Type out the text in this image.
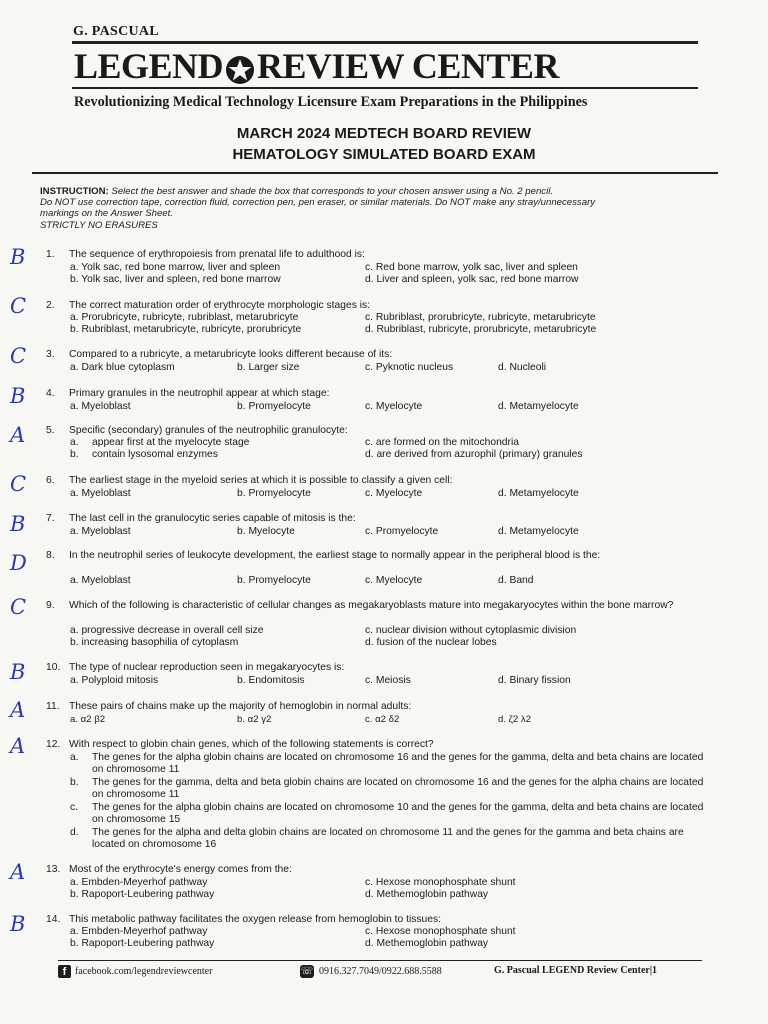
G. PASCUAL
LEGEND REVIEW CENTER
Revolutionizing Medical Technology Licensure Exam Preparations in the Philippines
MARCH 2024 MEDTECH BOARD REVIEW
HEMATOLOGY SIMULATED BOARD EXAM
INSTRUCTION: Select the best answer and shade the box that corresponds to your chosen answer using a No. 2 pencil.
Do NOT use correction tape, correction fluid, correction pen, pen eraser, or similar materials. Do NOT make any stray/unnecessary
markings on the Answer Sheet.
STRICTLY NO ERASURES
B	1. The sequence of erythropoiesis from prenatal life to adulthood is:
a. Yolk sac, red bone marrow, liver and spleen
b. Yolk sac, liver and spleen, red bone marrow
c. Red bone marrow, yolk sac, liver and spleen
d. Liver and spleen, yolk sac, red bone marrow
C	2. The correct maturation order of erythrocyte morphologic stages is:
a. Prorubricyte, rubricyte, rubriblast, metarubricyte
b. Rubriblast, metarubricyte, rubricyte, prorubricyte
c. Rubriblast, prorubricyte, rubricyte, metarubricyte
d. Rubriblast, rubricyte, prorubricyte, metarubricyte
C	3. Compared to a rubricyte, a metarubricyte looks different because of its:
a. Dark blue cytoplasm	b. Larger size	c. Pyknotic nucleus	d. Nucleoli
B	4. Primary granules in the neutrophil appear at which stage:
a. Myeloblast	b. Promyelocyte	c. Myelocyte	d. Metamyelocyte
A	5. Specific (secondary) granules of the neutrophilic granulocyte:
a. appear first at the myelocyte stage
b. contain lysosomal enzymes
c. are formed on the mitochondria
d. are derived from azurophil (primary) granules
C	6. The earliest stage in the myeloid series at which it is possible to classify a given cell:
a. Myeloblast	b. Promyelocyte	c. Myelocyte	d. Metamyelocyte
B	7. The last cell in the granulocytic series capable of mitosis is the:
a. Myeloblast	b. Myelocyte	c. Promyelocyte	d. Metamyelocyte
D	8. In the neutrophil series of leukocyte development, the earliest stage to normally appear in the peripheral blood is the:
a. Myeloblast	b. Promyelocyte	c. Myelocyte	d. Band
C	9. Which of the following is characteristic of cellular changes as megakaryoblasts mature into megakaryocytes within the bone marrow?
a. progressive decrease in overall cell size
b. increasing basophilia of cytoplasm
c. nuclear division without cytoplasmic division
d. fusion of the nuclear lobes
B	10. The type of nuclear reproduction seen in megakaryocytes is:
a. Polyploid mitosis	b. Endomitosis	c. Meiosis	d. Binary fission
A	11. These pairs of chains make up the majority of hemoglobin in normal adults:
a. α2 β2	b. α2 γ2	c. α2 δ2	d. ζ2 λ2
A	12. With respect to globin chain genes, which of the following statements is correct?
a. The genes for the alpha globin chains are located on chromosome 16 and the genes for the gamma, delta and beta chains are located on chromosome 11
b. The genes for the gamma, delta and beta globin chains are located on chromosome 16 and the genes for the alpha chains are located on chromosome 11
c. The genes for the alpha globin chains are located on chromosome 10 and the genes for the gamma, delta and beta chains are located on chromosome 15
d. The genes for the alpha and delta globin chains are located on chromosome 11 and the genes for the gamma and beta chains are located on chromosome 16
A	13. Most of the erythrocyte's energy comes from the:
a. Embden-Meyerhof pathway
b. Rapoport-Leubering pathway
c. Hexose monophosphate shunt
d. Methemoglobin pathway
B	14. This metabolic pathway facilitates the oxygen release from hemoglobin to tissues:
a. Embden-Meyerhof pathway
b. Rapoport-Leubering pathway
c. Hexose monophosphate shunt
d. Methemoglobin pathway
f facebook.com/legendreviewcenter	☏ 0916.327.7049/0922.688.5588	G. Pascual LEGEND Review Center|1
